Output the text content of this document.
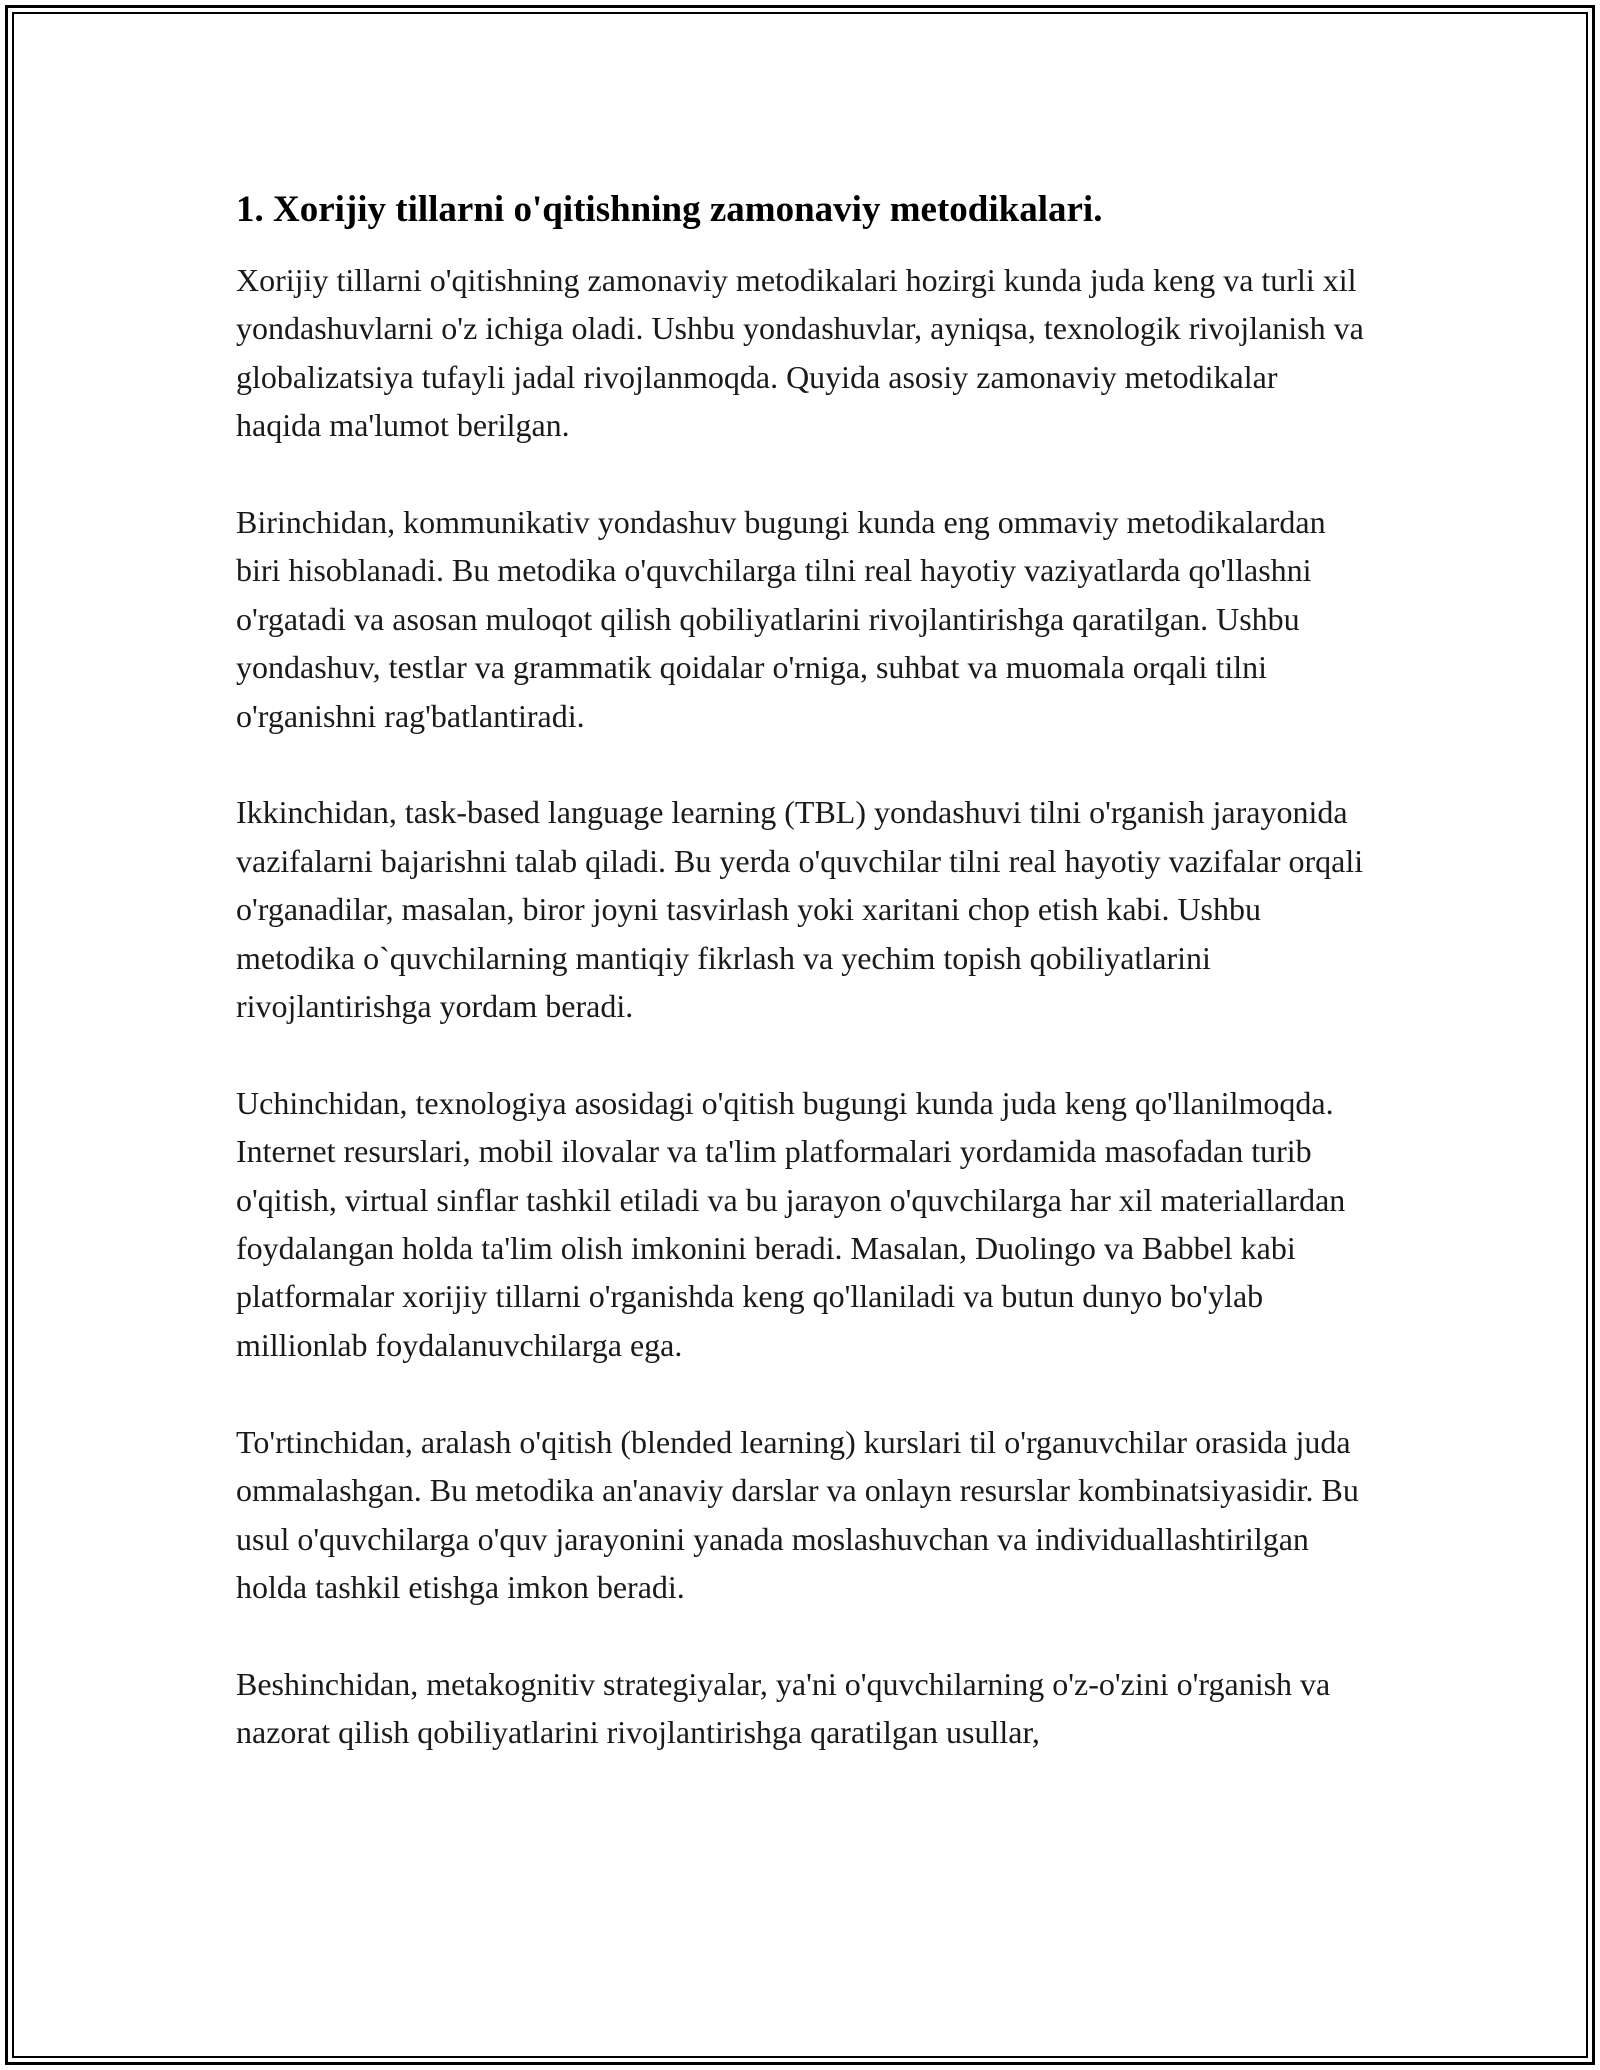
1. Xorijiy tillarni o'qitishning zamonaviy metodikalari.

Xorijiy tillarni o'qitishning zamonaviy metodikalari hozirgi kunda juda keng va turli xil yondashuvlarni o'z ichiga oladi. Ushbu yondashuvlar, ayniqsa, texnologik rivojlanish va globalizatsiya tufayli jadal rivojlanmoqda. Quyida asosiy zamonaviy metodikalar haqida ma'lumot berilgan.

Birinchidan, kommunikativ yondashuv bugungi kunda eng ommaviy metodikalardan biri hisoblanadi. Bu metodika o'quvchilarga tilni real hayotiy vaziyatlarda qo'llashni o'rgatadi va asosan muloqot qilish qobiliyatlarini rivojlantirishga qaratilgan. Ushbu yondashuv, testlar va grammatik qoidalar o'rniga, suhbat va muomala orqali tilni o'rganishni rag'batlantiradi.

Ikkinchidan, task-based language learning (TBL) yondashuvi tilni o'rganish jarayonida vazifalarni bajarishni talab qiladi. Bu yerda o'quvchilar tilni real hayotiy vazifalar orqali o'rganadilar, masalan, biror joyni tasvirlash yoki xaritani chop etish kabi. Ushbu metodika o`quvchilarning mantiqiy fikrlash va yechim topish qobiliyatlarini rivojlantirishga yordam beradi.

Uchinchidan, texnologiya asosidagi o'qitish bugungi kunda juda keng qo'llanilmoqda. Internet resurslari, mobil ilovalar va ta'lim platformalari yordamida masofadan turib o'qitish, virtual sinflar tashkil etiladi va bu jarayon o'quvchilarga har xil materiallardan foydalangan holda ta'lim olish imkonini beradi. Masalan, Duolingo va Babbel kabi platformalar xorijiy tillarni o'rganishda keng qo'llaniladi va butun dunyo bo'ylab millionlab foydalanuvchilarga ega.

To'rtinchidan, aralash o'qitish (blended learning) kurslari til o'rganuvchilar orasida juda ommalashgan. Bu metodika an'anaviy darslar va onlayn resurslar kombinatsiyasidir. Bu usul o'quvchilarga o'quv jarayonini yanada moslashuvchan va individuallashtirilgan holda tashkil etishga imkon beradi.

Beshinchidan, metakognitiv strategiyalar, ya'ni o'quvchilarning o'z-o'zini o'rganish va nazorat qilish qobiliyatlarini rivojlantirishga qaratilgan usullar,
